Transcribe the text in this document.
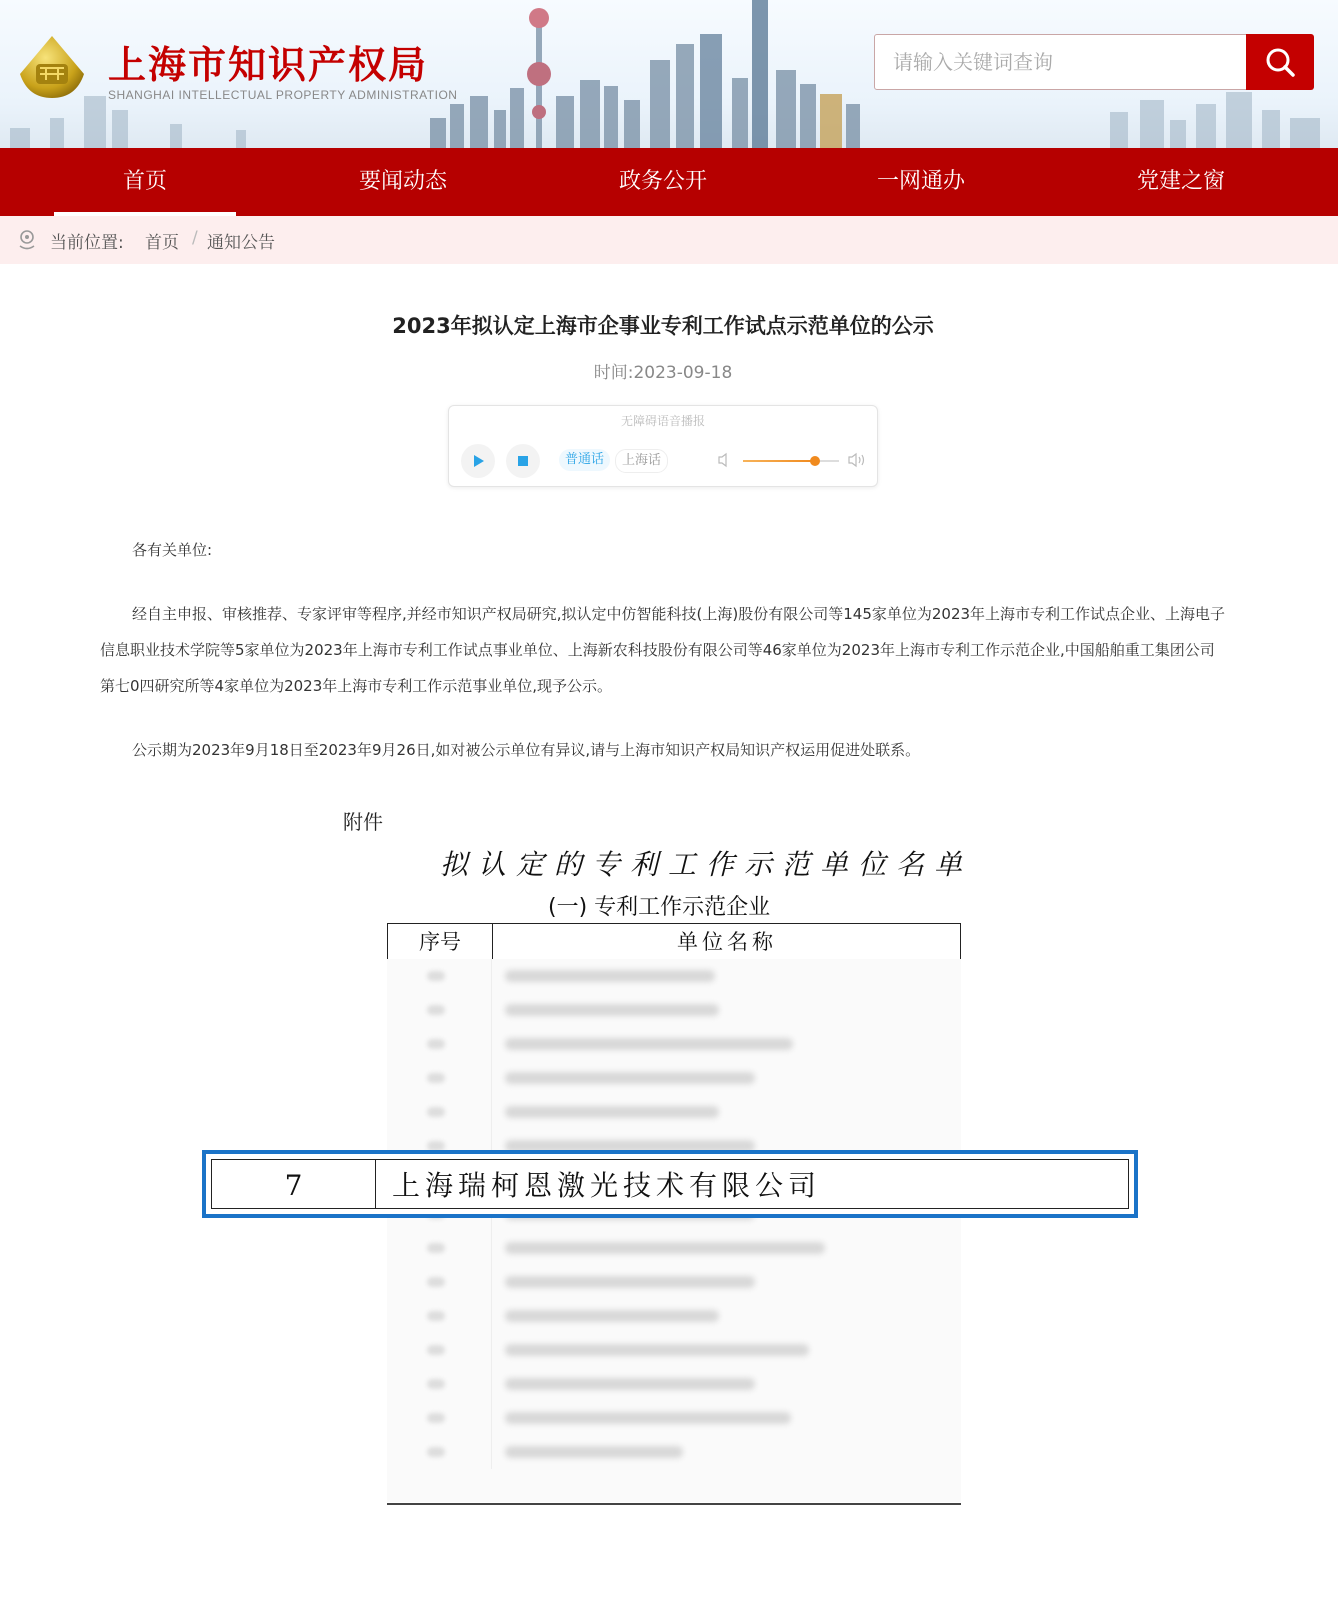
上海市知识产权局
SHANGHAI INTELLECTUAL PROPERTY ADMINISTRATION
请输入关键词查询
首页	要闻动态	政务公开	一网通办	党建之窗
当前位置: 首页 / 通知公告
2023年拟认定上海市企事业专利工作试点示范单位的公示
时间:2023-09-18
无障碍语音播报
普通话	上海话
各有关单位:
经自主申报、审核推荐、专家评审等程序,并经市知识产权局研究,拟认定中仿智能科技(上海)股份有限公司等145家单位为2023年上海市专利工作试点企业、上海电子信息职业技术学院等5家单位为2023年上海市专利工作试点事业单位、上海新农科技股份有限公司等46家单位为2023年上海市专利工作示范企业,中国船舶重工集团公司第七0四研究所等4家单位为2023年上海市专利工作示范事业单位,现予公示。
公示期为2023年9月18日至2023年9月26日,如对被公示单位有异议,请与上海市知识产权局知识产权运用促进处联系。
附件
拟认定的专利工作示范单位名单
(一) 专利工作示范企业
序号	单位名称
7	上海瑞柯恩激光技术有限公司
